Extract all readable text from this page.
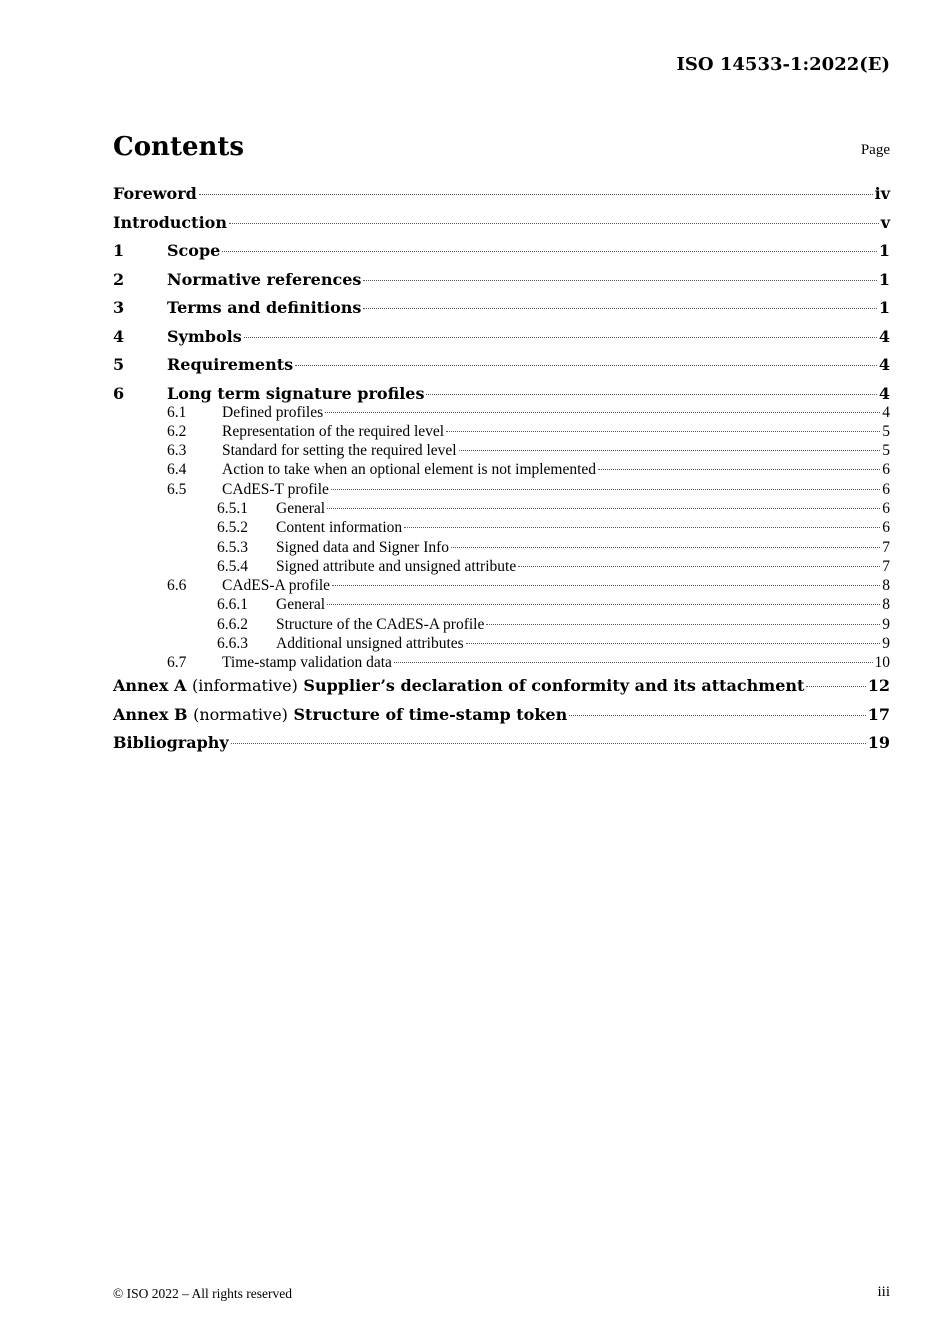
ISO 14533-1:2022(E)
Contents	Page
Foreword	iv
Introduction	v
1	Scope	1
2	Normative references	1
3	Terms and definitions	1
4	Symbols	4
5	Requirements	4
6	Long term signature profiles	4
6.1	Defined profiles	4
6.2	Representation of the required level	5
6.3	Standard for setting the required level	5
6.4	Action to take when an optional element is not implemented	6
6.5	CAdES-T profile	6
6.5.1	General	6
6.5.2	Content information	6
6.5.3	Signed data and Signer Info	7
6.5.4	Signed attribute and unsigned attribute	7
6.6	CAdES-A profile	8
6.6.1	General	8
6.6.2	Structure of the CAdES-A profile	9
6.6.3	Additional unsigned attributes	9
6.7	Time-stamp validation data	10
Annex A (informative) Supplier’s declaration of conformity and its attachment	12
Annex B (normative) Structure of time-stamp token	17
Bibliography	19
© ISO 2022 – All rights reserved	iii
